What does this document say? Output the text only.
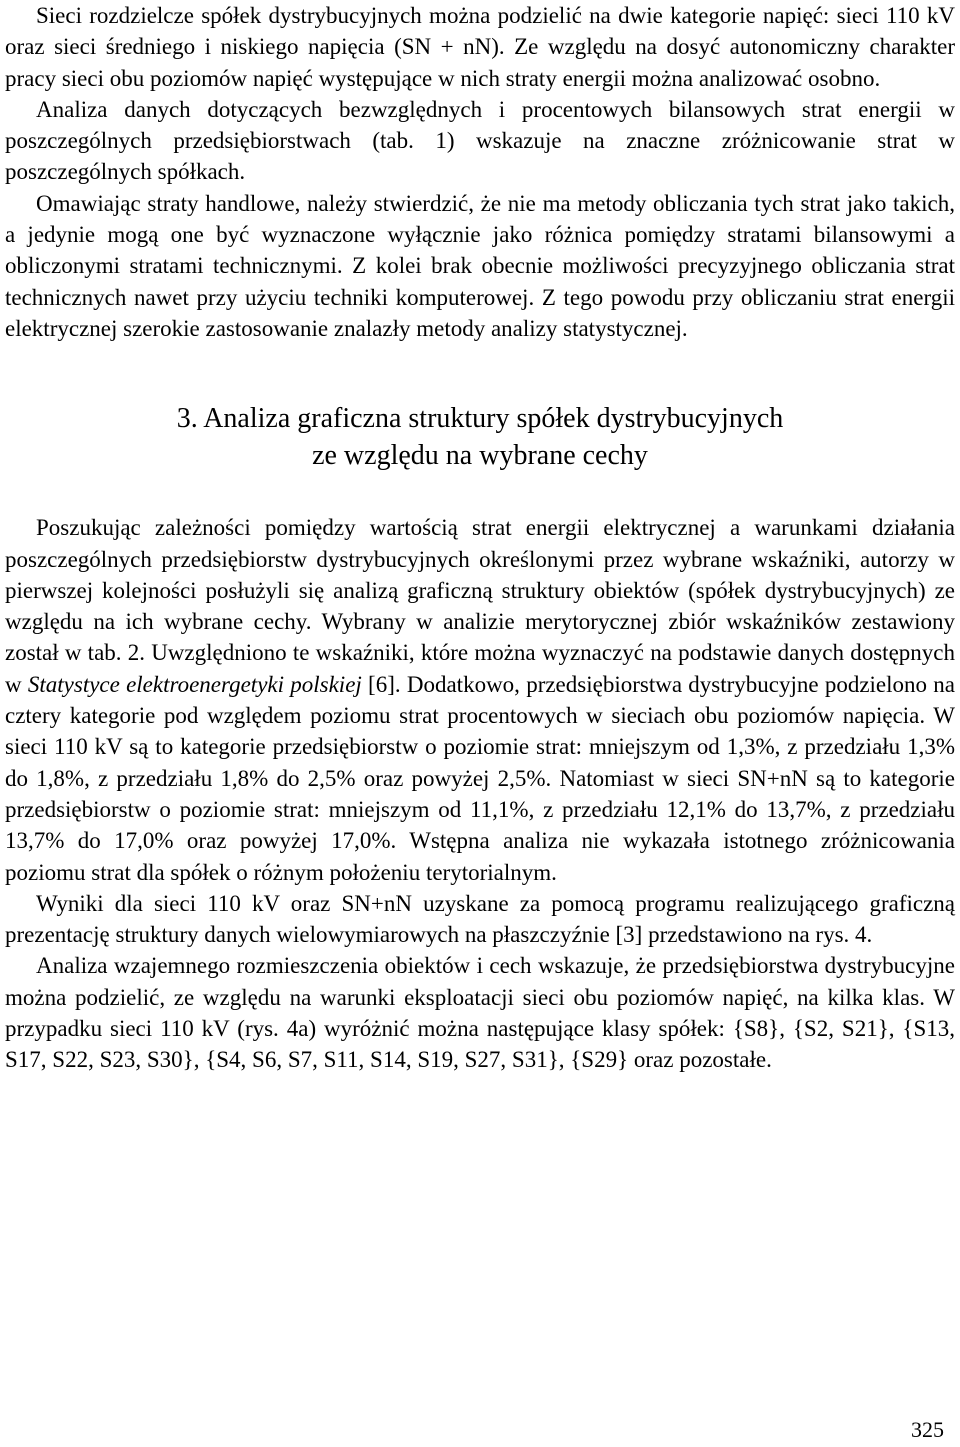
Sieci rozdzielcze spółek dystrybucyjnych można podzielić na dwie kategorie napięć: sieci 110 kV oraz sieci średniego i niskiego napięcia (SN + nN). Ze względu na dosyć autonomiczny charakter pracy sieci obu poziomów napięć występujące w nich straty energii można analizować osobno.

Analiza danych dotyczących bezwzględnych i procentowych bilansowych strat energii w poszczególnych przedsiębiorstwach (tab. 1) wskazuje na znaczne zróżnicowanie strat w poszczególnych spółkach.

Omawiając straty handlowe, należy stwierdzić, że nie ma metody obliczania tych strat jako takich, a jedynie mogą one być wyznaczone wyłącznie jako różnica pomiędzy stratami bilansowymi a obliczonymi stratami technicznymi. Z kolei brak obecnie możliwości precyzyjnego obliczania strat technicznych nawet przy użyciu techniki komputerowej. Z tego powodu przy obliczaniu strat energii elektrycznej szerokie zastosowanie znalazły metody analizy statystycznej.

3. Analiza graficzna struktury spółek dystrybucyjnych
ze względu na wybrane cechy

Poszukując zależności pomiędzy wartością strat energii elektrycznej a warunkami działania poszczególnych przedsiębiorstw dystrybucyjnych określonymi przez wybrane wskaźniki, autorzy w pierwszej kolejności posłużyli się analizą graficzną struktury obiektów (spółek dystrybucyjnych) ze względu na ich wybrane cechy. Wybrany w analizie merytorycznej zbiór wskaźników zestawiony został w tab. 2. Uwzględniono te wskaźniki, które można wyznaczyć na podstawie danych dostępnych w Statystyce elektroenergetyki polskiej [6]. Dodatkowo, przedsiębiorstwa dystrybucyjne podzielono na cztery kategorie pod względem poziomu strat procentowych w sieciach obu poziomów napięcia. W sieci 110 kV są to kategorie przedsiębiorstw o poziomie strat: mniejszym od 1,3%, z przedziału 1,3% do 1,8%, z przedziału 1,8% do 2,5% oraz powyżej 2,5%. Natomiast w sieci SN+nN są to kategorie przedsiębiorstw o poziomie strat: mniejszym od 11,1%, z przedziału 12,1% do 13,7%, z przedziału 13,7% do 17,0% oraz powyżej 17,0%. Wstępna analiza nie wykazała istotnego zróżnicowania poziomu strat dla spółek o różnym położeniu terytorialnym.

Wyniki dla sieci 110 kV oraz SN+nN uzyskane za pomocą programu realizującego graficzną prezentację struktury danych wielowymiarowych na płaszczyźnie [3] przedstawiono na rys. 4.

Analiza wzajemnego rozmieszczenia obiektów i cech wskazuje, że przedsiębiorstwa dystrybucyjne można podzielić, ze względu na warunki eksploatacji sieci obu poziomów napięć, na kilka klas. W przypadku sieci 110 kV (rys. 4a) wyróżnić można następujące klasy spółek: {S8}, {S2, S21}, {S13, S17, S22, S23, S30}, {S4, S6, S7, S11, S14, S19, S27, S31}, {S29} oraz pozostałe.

325
